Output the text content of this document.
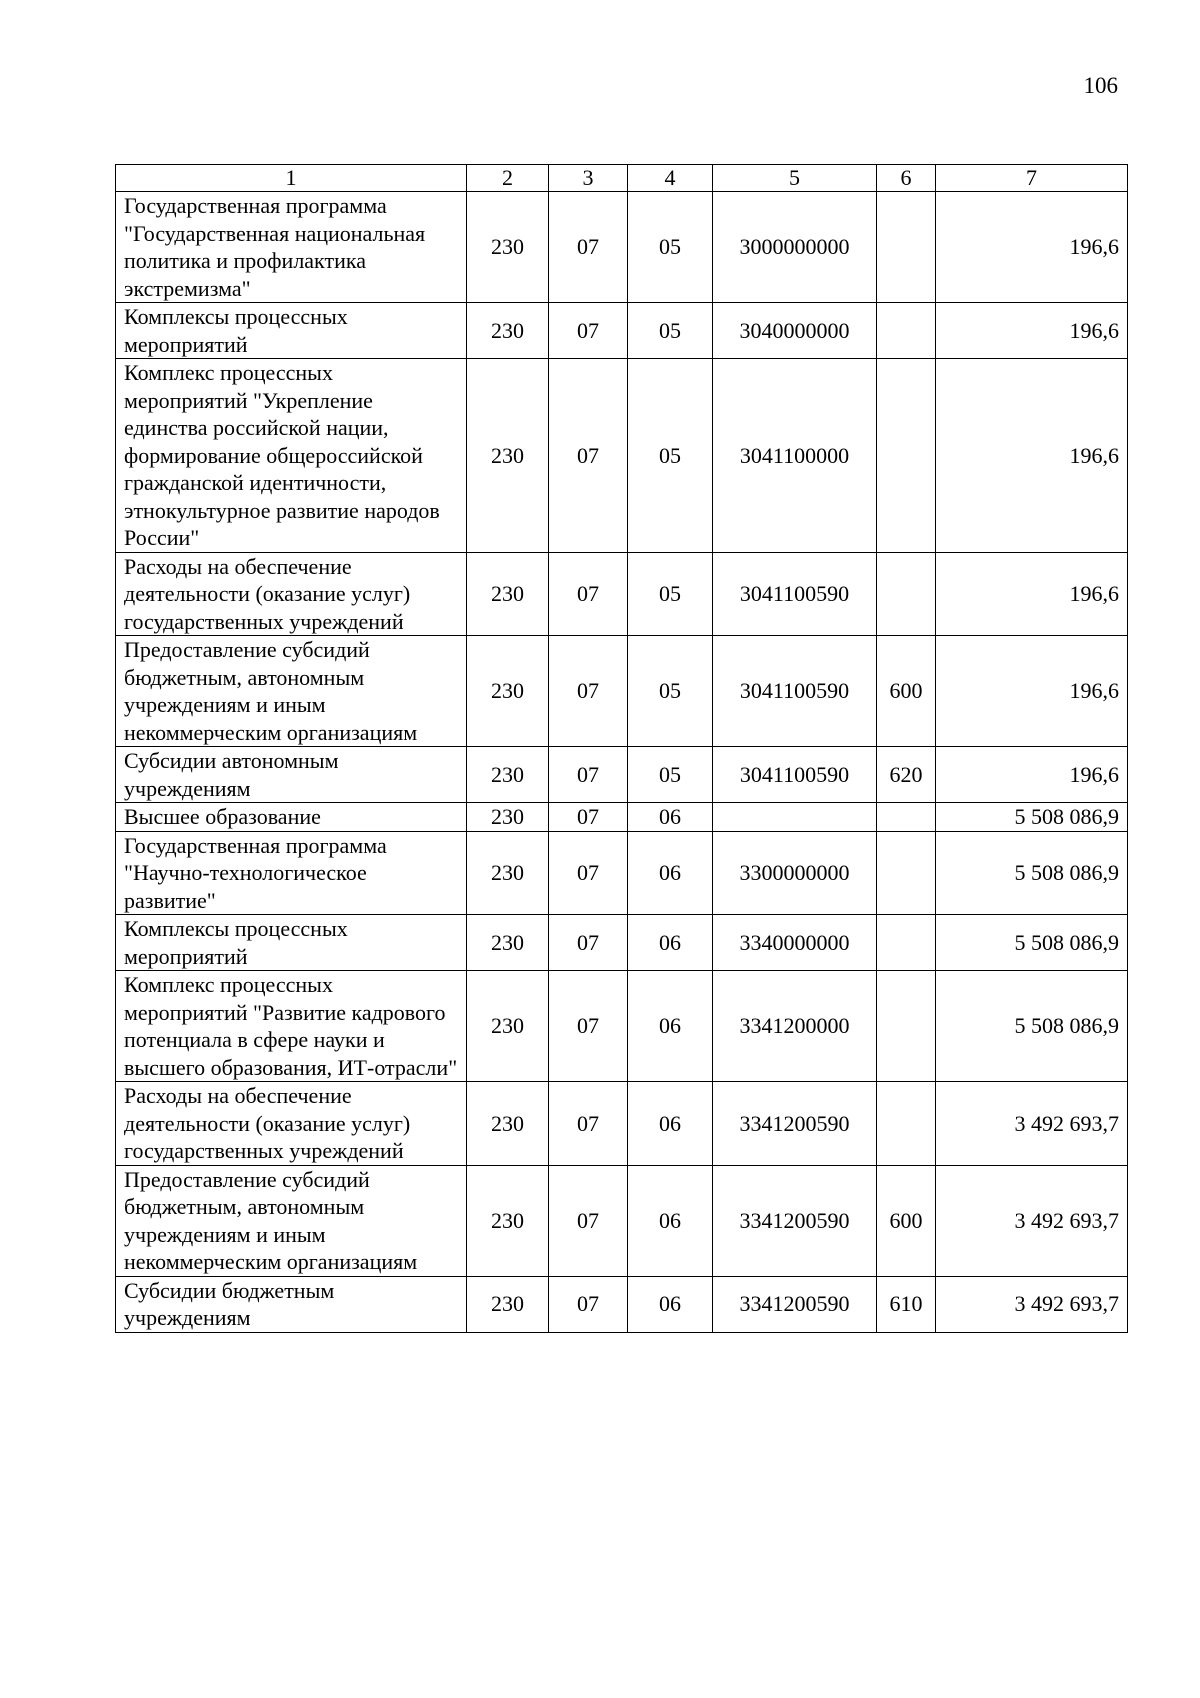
106
1	2	3	4	5	6	7
Государственная программа "Государственная национальная политика и профилактика экстремизма"	230	07	05	3000000000		196,6
Комплексы процессных мероприятий	230	07	05	3040000000		196,6
Комплекс процессных мероприятий "Укрепление единства российской нации, формирование общероссийской гражданской идентичности, этнокультурное развитие народов России"	230	07	05	3041100000		196,6
Расходы на обеспечение деятельности (оказание услуг) государственных учреждений	230	07	05	3041100590		196,6
Предоставление субсидий бюджетным, автономным учреждениям и иным некоммерческим организациям	230	07	05	3041100590	600	196,6
Субсидии автономным учреждениям	230	07	05	3041100590	620	196,6
Высшее образование	230	07	06			5 508 086,9
Государственная программа "Научно-технологическое развитие"	230	07	06	3300000000		5 508 086,9
Комплексы процессных мероприятий	230	07	06	3340000000		5 508 086,9
Комплекс процессных мероприятий "Развитие кадрового потенциала в сфере науки и высшего образования, ИТ-отрасли"	230	07	06	3341200000		5 508 086,9
Расходы на обеспечение деятельности (оказание услуг) государственных учреждений	230	07	06	3341200590		3 492 693,7
Предоставление субсидий бюджетным, автономным учреждениям и иным некоммерческим организациям	230	07	06	3341200590	600	3 492 693,7
Субсидии бюджетным учреждениям	230	07	06	3341200590	610	3 492 693,7
